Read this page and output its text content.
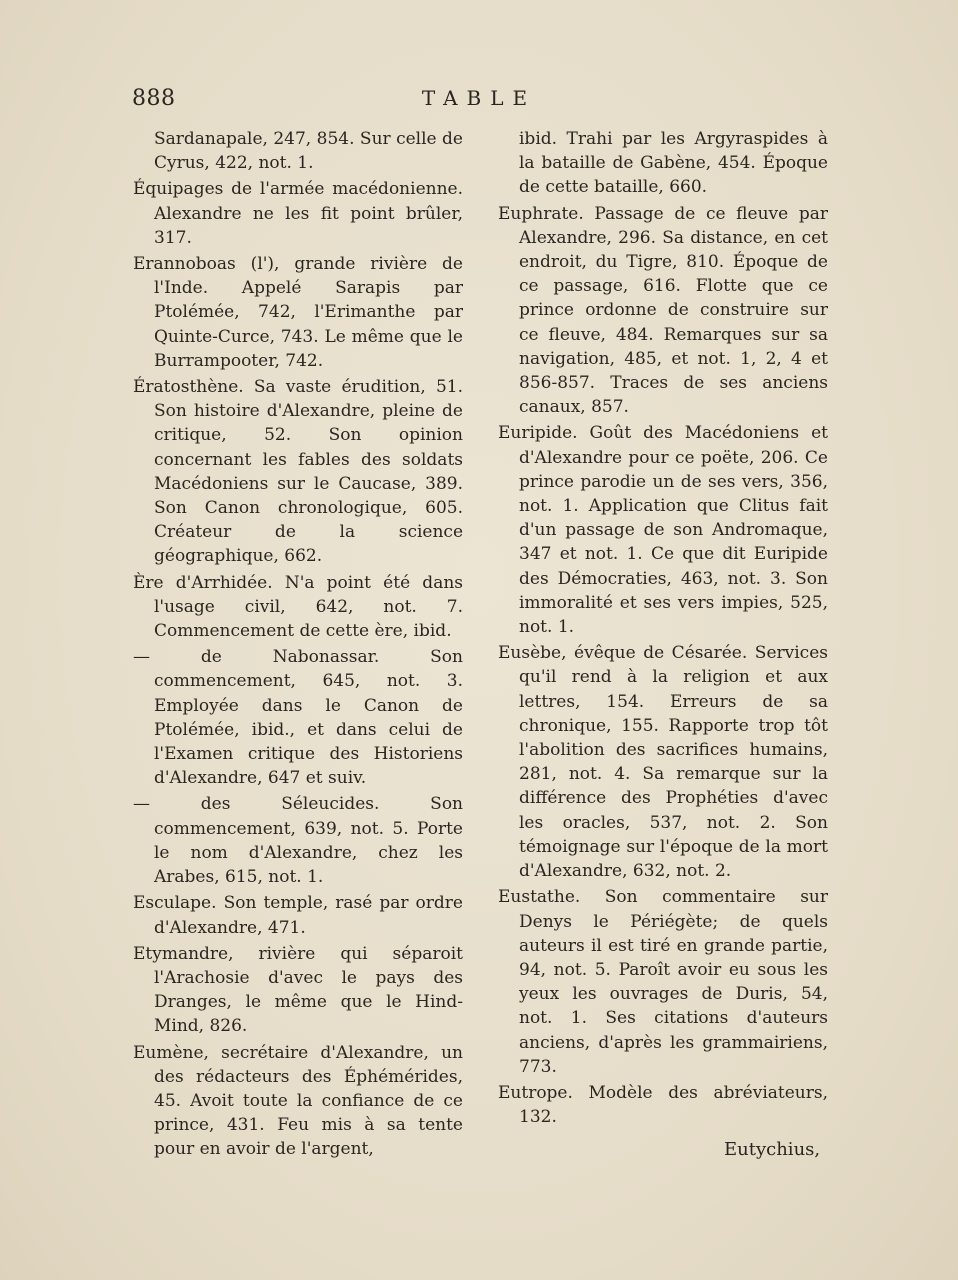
888	TABLE

Sardanapale, 247, 854. Sur celle de Cyrus, 422, not. 1.

Équipages de l'armée macédonienne. Alexandre ne les fit point brûler, 317.

Erannoboas (l'), grande rivière de l'Inde. Appelé Sarapis par Ptolémée, 742, l'Erimanthe par Quinte-Curce, 743. Le même que le Burrampooter, 742.

Ératosthène. Sa vaste érudition, 51. Son histoire d'Alexandre, pleine de critique, 52. Son opinion concernant les fables des soldats Macédoniens sur le Caucase, 389. Son Canon chronologique, 605. Créateur de la science géographique, 662.

Ère d'Arrhidée. N'a point été dans l'usage civil, 642, not. 7. Commencement de cette ère, ibid.

— de Nabonassar. Son commencement, 645, not. 3. Employée dans le Canon de Ptolémée, ibid., et dans celui de l'Examen critique des Historiens d'Alexandre, 647 et suiv.

— des Séleucides. Son commencement, 639, not. 5. Porte le nom d'Alexandre, chez les Arabes, 615, not. 1.

Esculape. Son temple, rasé par ordre d'Alexandre, 471.

Etymandre, rivière qui séparoit l'Arachosie d'avec le pays des Dranges, le même que le Hind-Mind, 826.

Eumène, secrétaire d'Alexandre, un des rédacteurs des Éphémérides, 45. Avoit toute la confiance de ce prince, 431. Feu mis à sa tente pour en avoir de l'argent,

ibid. Trahi par les Argyraspides à la bataille de Gabène, 454. Époque de cette bataille, 660.

Euphrate. Passage de ce fleuve par Alexandre, 296. Sa distance, en cet endroit, du Tigre, 810. Époque de ce passage, 616. Flotte que ce prince ordonne de construire sur ce fleuve, 484. Remarques sur sa navigation, 485, et not. 1, 2, 4 et 856-857. Traces de ses anciens canaux, 857.

Euripide. Goût des Macédoniens et d'Alexandre pour ce poëte, 206. Ce prince parodie un de ses vers, 356, not. 1. Application que Clitus fait d'un passage de son Andromaque, 347 et not. 1. Ce que dit Euripide des Démocraties, 463, not. 3. Son immoralité et ses vers impies, 525, not. 1.

Eusèbe, évêque de Césarée. Services qu'il rend à la religion et aux lettres, 154. Erreurs de sa chronique, 155. Rapporte trop tôt l'abolition des sacrifices humains, 281, not. 4. Sa remarque sur la différence des Prophéties d'avec les oracles, 537, not. 2. Son témoignage sur l'époque de la mort d'Alexandre, 632, not. 2.

Eustathe. Son commentaire sur Denys le Périégète; de quels auteurs il est tiré en grande partie, 94, not. 5. Paroît avoir eu sous les yeux les ouvrages de Duris, 54, not. 1. Ses citations d'auteurs anciens, d'après les grammairiens, 773.

Eutrope. Modèle des abréviateurs, 132.

Eutychius,
